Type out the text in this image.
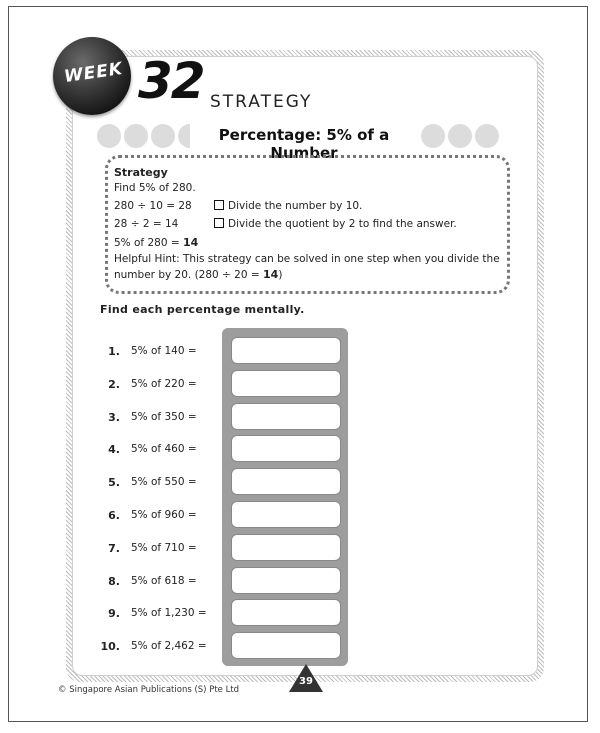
WEEK 32 STRATEGY
Percentage: 5% of a Number
Strategy
Find 5% of 280.
280 ÷ 10 = 28	Divide the number by 10.
28 ÷ 2 = 14	Divide the quotient by 2 to find the answer.
5% of 280 = 14
Helpful Hint: This strategy can be solved in one step when you divide the number by 20. (280 ÷ 20 = 14)
Find each percentage mentally.
1. 5% of 140 =
2. 5% of 220 =
3. 5% of 350 =
4. 5% of 460 =
5. 5% of 550 =
6. 5% of 960 =
7. 5% of 710 =
8. 5% of 618 =
9. 5% of 1,230 =
10. 5% of 2,462 =
39
© Singapore Asian Publications (S) Pte Ltd
